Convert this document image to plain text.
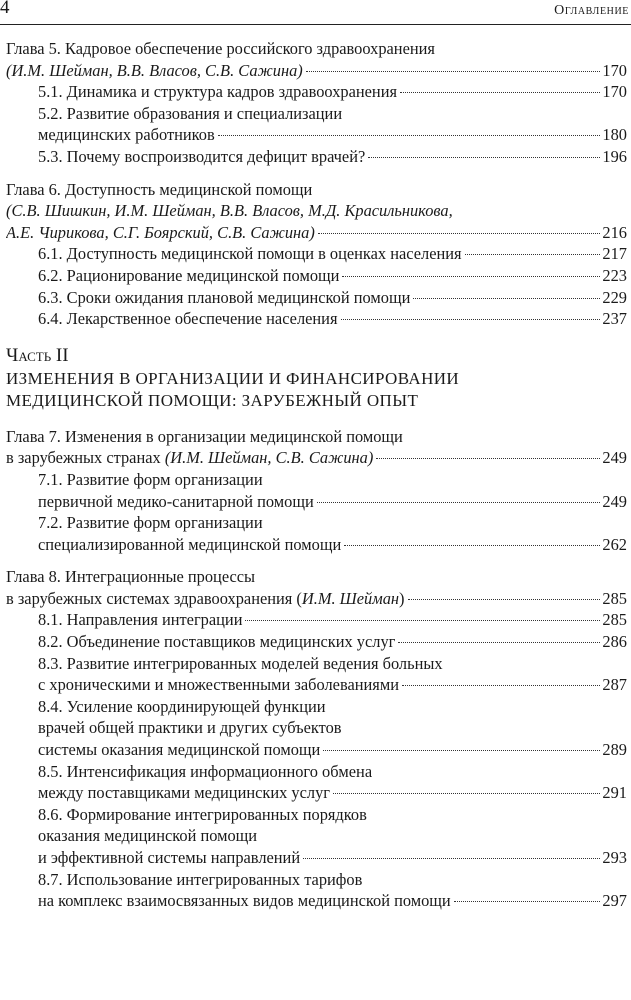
4	Оглавление
Глава 5. Кадровое обеспечение российского здравоохранения
(И.М. Шейман, В.В. Власов, С.В. Сажина)	170
5.1. Динамика и структура кадров здравоохранения	170
5.2. Развитие образования и специализации
медицинских работников	180
5.3. Почему воспроизводится дефицит врачей?	196
Глава 6. Доступность медицинской помощи
(С.В. Шишкин, И.М. Шейман, В.В. Власов, М.Д. Красильникова,
А.Е. Чирикова, С.Г. Боярский, С.В. Сажина)	216
6.1. Доступность медицинской помощи в оценках населения	217
6.2. Рационирование медицинской помощи	223
6.3. Сроки ожидания плановой медицинской помощи	229
6.4. Лекарственное обеспечение населения	237
Часть II
ИЗМЕНЕНИЯ В ОРГАНИЗАЦИИ И ФИНАНСИРОВАНИИ
МЕДИЦИНСКОЙ ПОМОЩИ: ЗАРУБЕЖНЫЙ ОПЫТ
Глава 7. Изменения в организации медицинской помощи
в зарубежных странах (И.М. Шейман, С.В. Сажина)	249
7.1. Развитие форм организации
первичной медико-санитарной помощи	249
7.2. Развитие форм организации
специализированной медицинской помощи	262
Глава 8. Интеграционные процессы
в зарубежных системах здравоохранения (И.М. Шейман)	285
8.1. Направления интеграции	285
8.2. Объединение поставщиков медицинских услуг	286
8.3. Развитие интегрированных моделей ведения больных
с хроническими и множественными заболеваниями	287
8.4. Усиление координирующей функции
врачей общей практики и других субъектов
системы оказания медицинской помощи	289
8.5. Интенсификация информационного обмена
между поставщиками медицинских услуг	291
8.6. Формирование интегрированных порядков
оказания медицинской помощи
и эффективной системы направлений	293
8.7. Использование интегрированных тарифов
на комплекс взаимосвязанных видов медицинской помощи	297
